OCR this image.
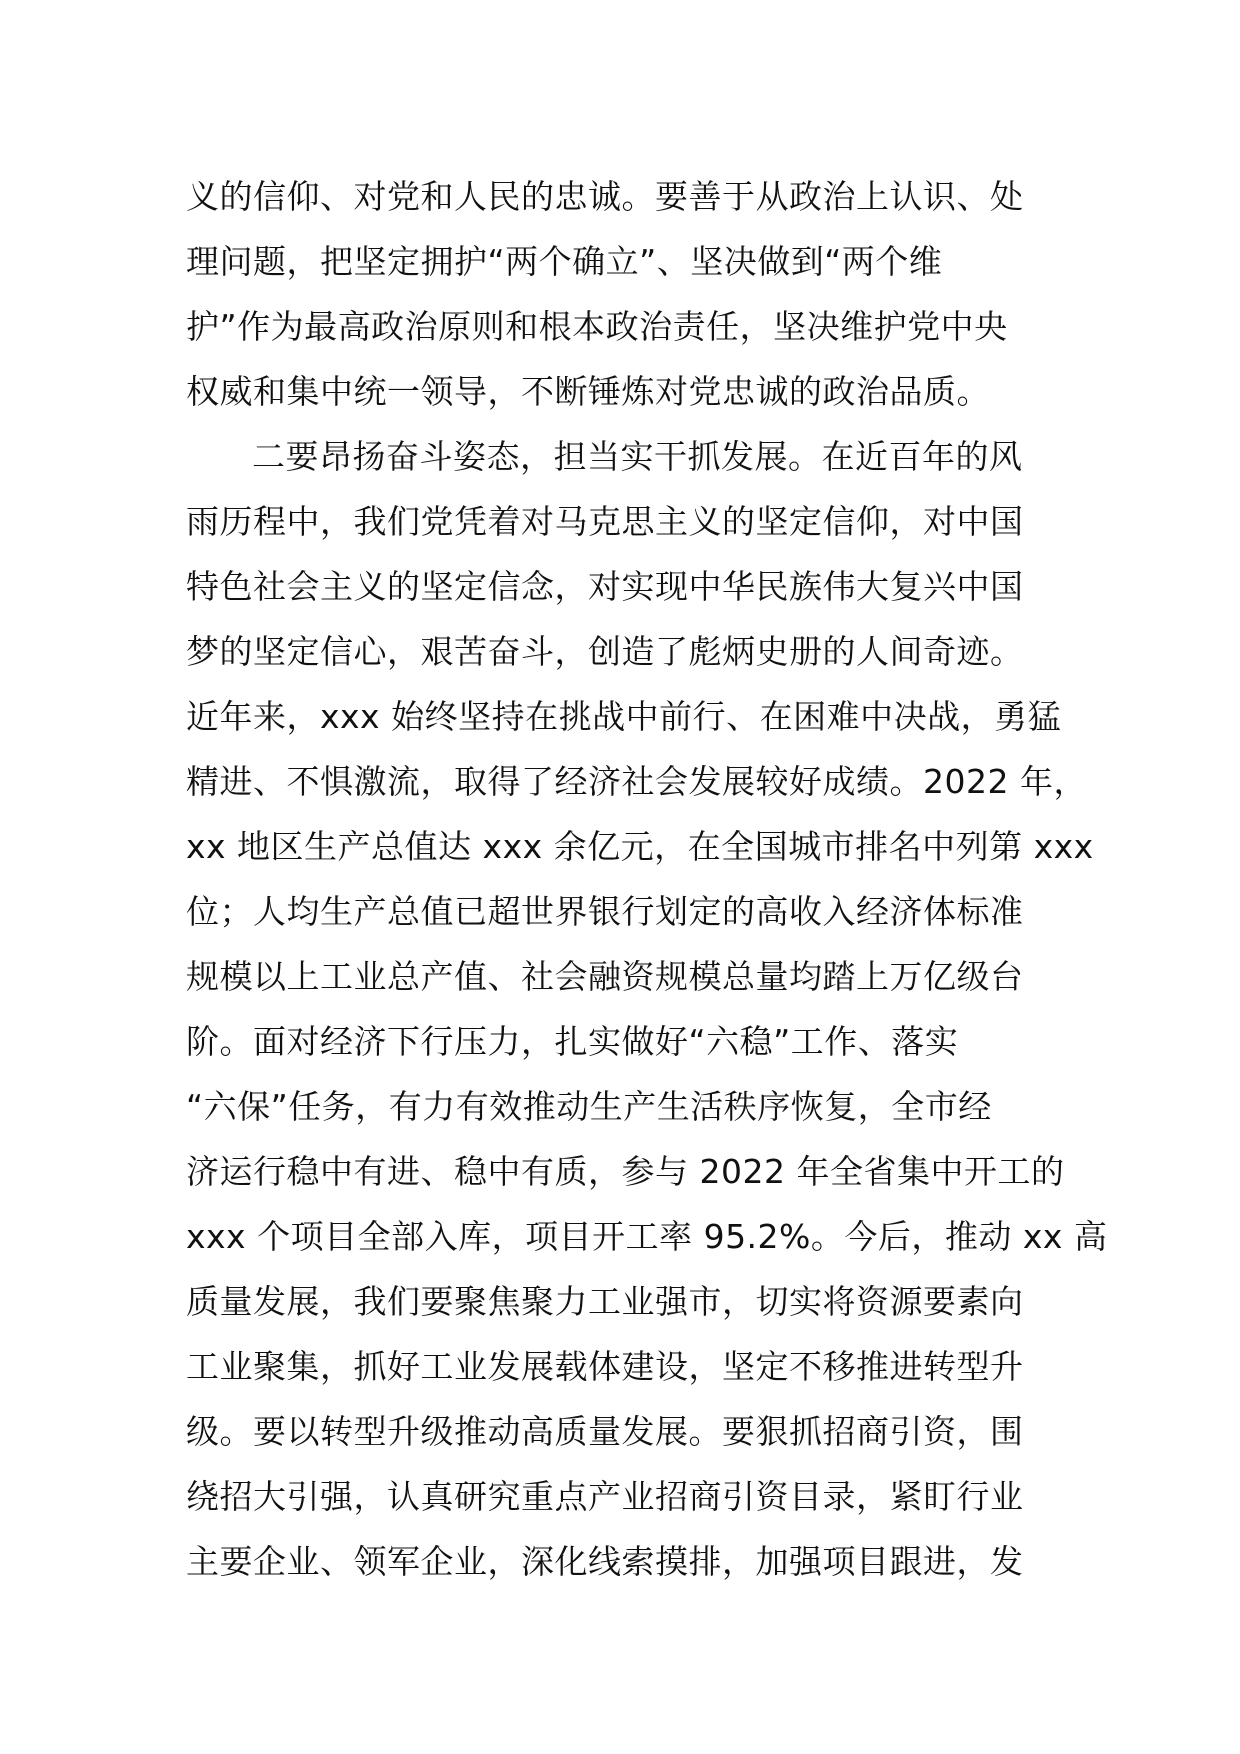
义的信仰、对党和人民的忠诚。要善于从政治上认识、处
理问题，把坚定拥护“两个确立”、坚决做到“两个维
护”作为最高政治原则和根本政治责任，坚决维护党中央
权威和集中统一领导，不断锤炼对党忠诚的政治品质。
二要昂扬奋斗姿态，担当实干抓发展。在近百年的风
雨历程中，我们党凭着对马克思主义的坚定信仰，对中国
特色社会主义的坚定信念，对实现中华民族伟大复兴中国
梦的坚定信心，艰苦奋斗，创造了彪炳史册的人间奇迹。
近年来，xxx 始终坚持在挑战中前行、在困难中决战，勇猛
精进、不惧激流，取得了经济社会发展较好成绩。2022 年，
xx 地区生产总值达 xxx 余亿元，在全国城市排名中列第 xxx
位；人均生产总值已超世界银行划定的高收入经济体标准
规模以上工业总产值、社会融资规模总量均踏上万亿级台
阶。面对经济下行压力，扎实做好“六稳”工作、落实
“六保”任务，有力有效推动生产生活秩序恢复，全市经
济运行稳中有进、稳中有质，参与 2022 年全省集中开工的
xxx 个项目全部入库，项目开工率 95.2%。今后，推动 xx 高
质量发展，我们要聚焦聚力工业强市，切实将资源要素向
工业聚集，抓好工业发展载体建设，坚定不移推进转型升
级。要以转型升级推动高质量发展。要狠抓招商引资，围
绕招大引强，认真研究重点产业招商引资目录，紧盯行业
主要企业、领军企业，深化线索摸排，加强项目跟进，发
